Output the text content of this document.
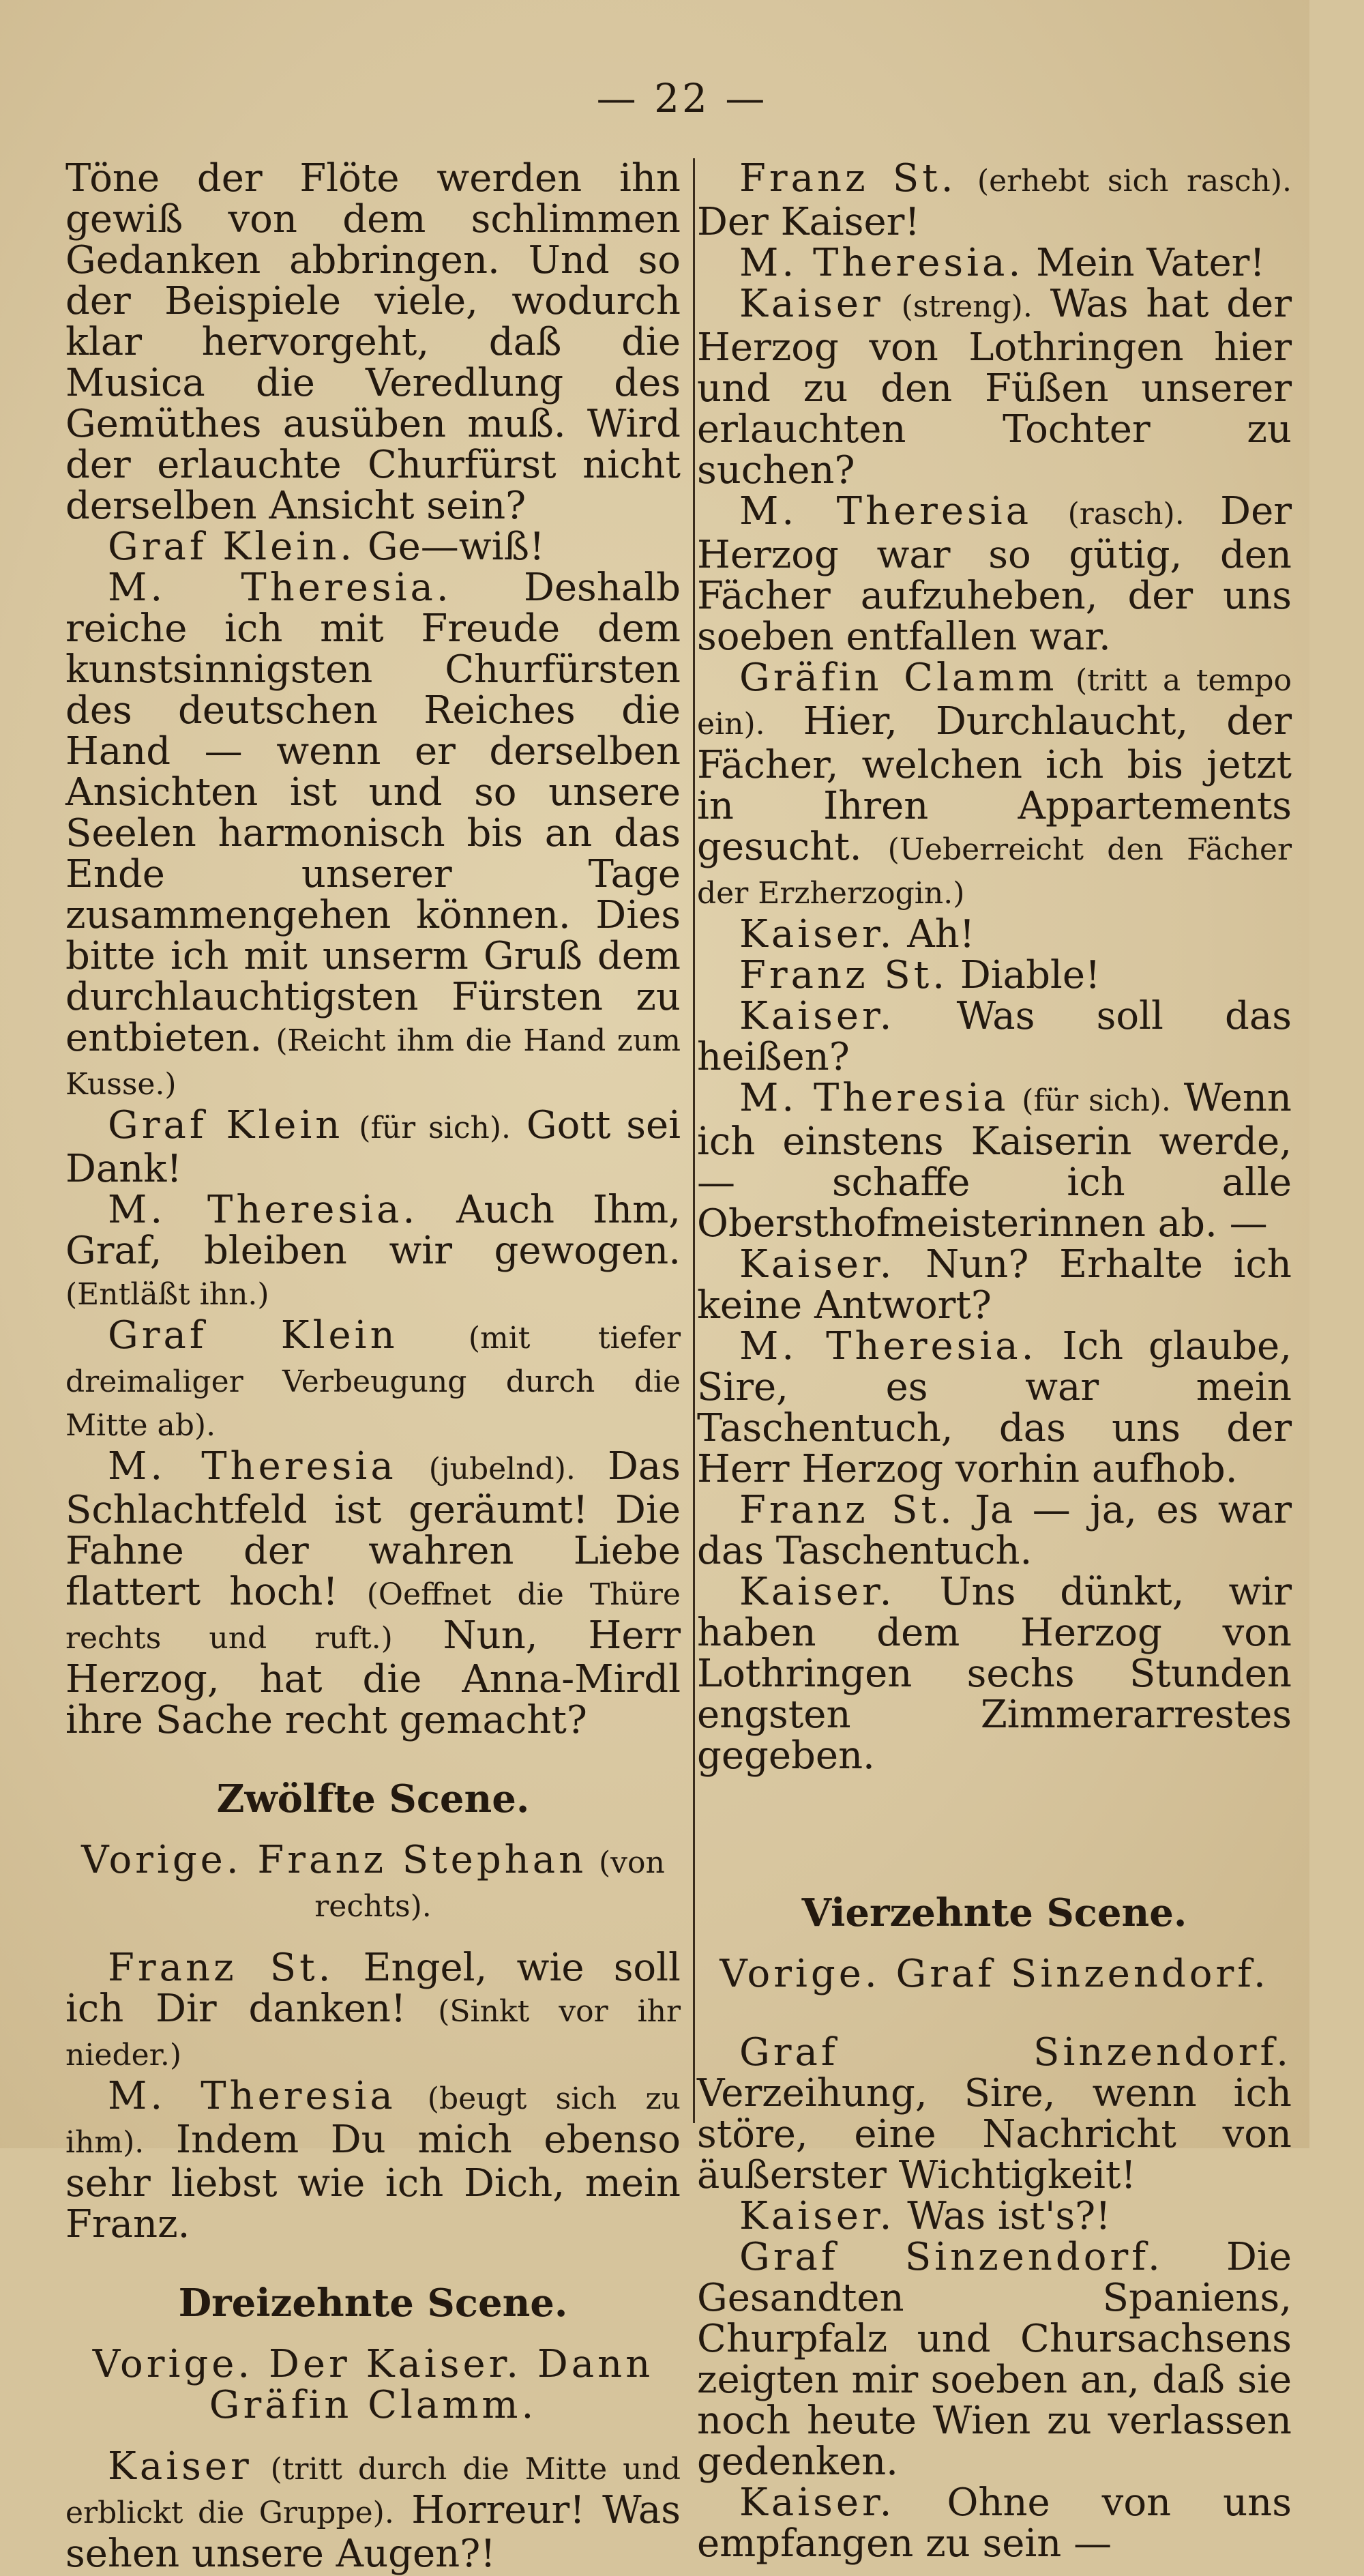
— 22 —

Töne der Flöte werden ihn gewiß von dem schlimmen Gedanken abbringen. Und so der Beispiele viele, wodurch klar hervorgeht, daß die Musica die Veredlung des Gemüthes ausüben muß. Wird der erlauchte Churfürst nicht derselben Ansicht sein?

Graf Klein. Ge—wiß!

M. Theresia. Deshalb reiche ich mit Freude dem kunstsinnigsten Churfürsten des deutschen Reiches die Hand — wenn er derselben Ansichten ist und so unsere Seelen harmonisch bis an das Ende unserer Tage zusammengehen können. Dies bitte ich mit unserm Gruß dem durchlauchtigsten Fürsten zu entbieten. (Reicht ihm die Hand zum Kusse.)

Graf Klein (für sich). Gott sei Dank!

M. Theresia. Auch Ihm, Graf, bleiben wir gewogen. (Entläßt ihn.)

Graf Klein (mit tiefer dreimaliger Verbeugung durch die Mitte ab).

M. Theresia (jubelnd). Das Schlachtfeld ist geräumt! Die Fahne der wahren Liebe flattert hoch! (Oeffnet die Thüre rechts und ruft.) Nun, Herr Herzog, hat die Anna-Mirdl ihre Sache recht gemacht?

Zwölfte Scene.

Vorige. Franz Stephan (von rechts).

Franz St. Engel, wie soll ich Dir danken! (Sinkt vor ihr nieder.)

M. Theresia (beugt sich zu ihm). Indem Du mich ebenso sehr liebst wie ich Dich, mein Franz.

Dreizehnte Scene.

Vorige. Der Kaiser. Dann Gräfin Clamm.

Kaiser (tritt durch die Mitte und erblickt die Gruppe). Horreur! Was sehen unsere Augen?!

Franz St. (erhebt sich rasch). Der Kaiser!

M. Theresia. Mein Vater!

Kaiser (streng). Was hat der Herzog von Lothringen hier und zu den Füßen unserer erlauchten Tochter zu suchen?

M. Theresia (rasch). Der Herzog war so gütig, den Fächer aufzuheben, der uns soeben entfallen war.

Gräfin Clamm (tritt a tempo ein). Hier, Durchlaucht, der Fächer, welchen ich bis jetzt in Ihren Appartements gesucht. (Ueberreicht den Fächer der Erzherzogin.)

Kaiser. Ah!

Franz St. Diable!

Kaiser. Was soll das heißen?

M. Theresia (für sich). Wenn ich einstens Kaiserin werde, — schaffe ich alle Obersthofmeisterinnen ab. —

Kaiser. Nun? Erhalte ich keine Antwort?

M. Theresia. Ich glaube, Sire, es war mein Taschentuch, das uns der Herr Herzog vorhin aufhob.

Franz St. Ja — ja, es war das Taschentuch.

Kaiser. Uns dünkt, wir haben dem Herzog von Lothringen sechs Stunden engsten Zimmerarrestes gegeben.

Vierzehnte Scene.

Vorige. Graf Sinzendorf.

Graf Sinzendorf. Verzeihung, Sire, wenn ich störe, eine Nachricht von äußerster Wichtigkeit!

Kaiser. Was ist's?!

Graf Sinzendorf. Die Gesandten Spaniens, Churpfalz und Chursachsens zeigten mir soeben an, daß sie noch heute Wien zu verlassen gedenken.

Kaiser. Ohne von uns empfangen zu sein —
